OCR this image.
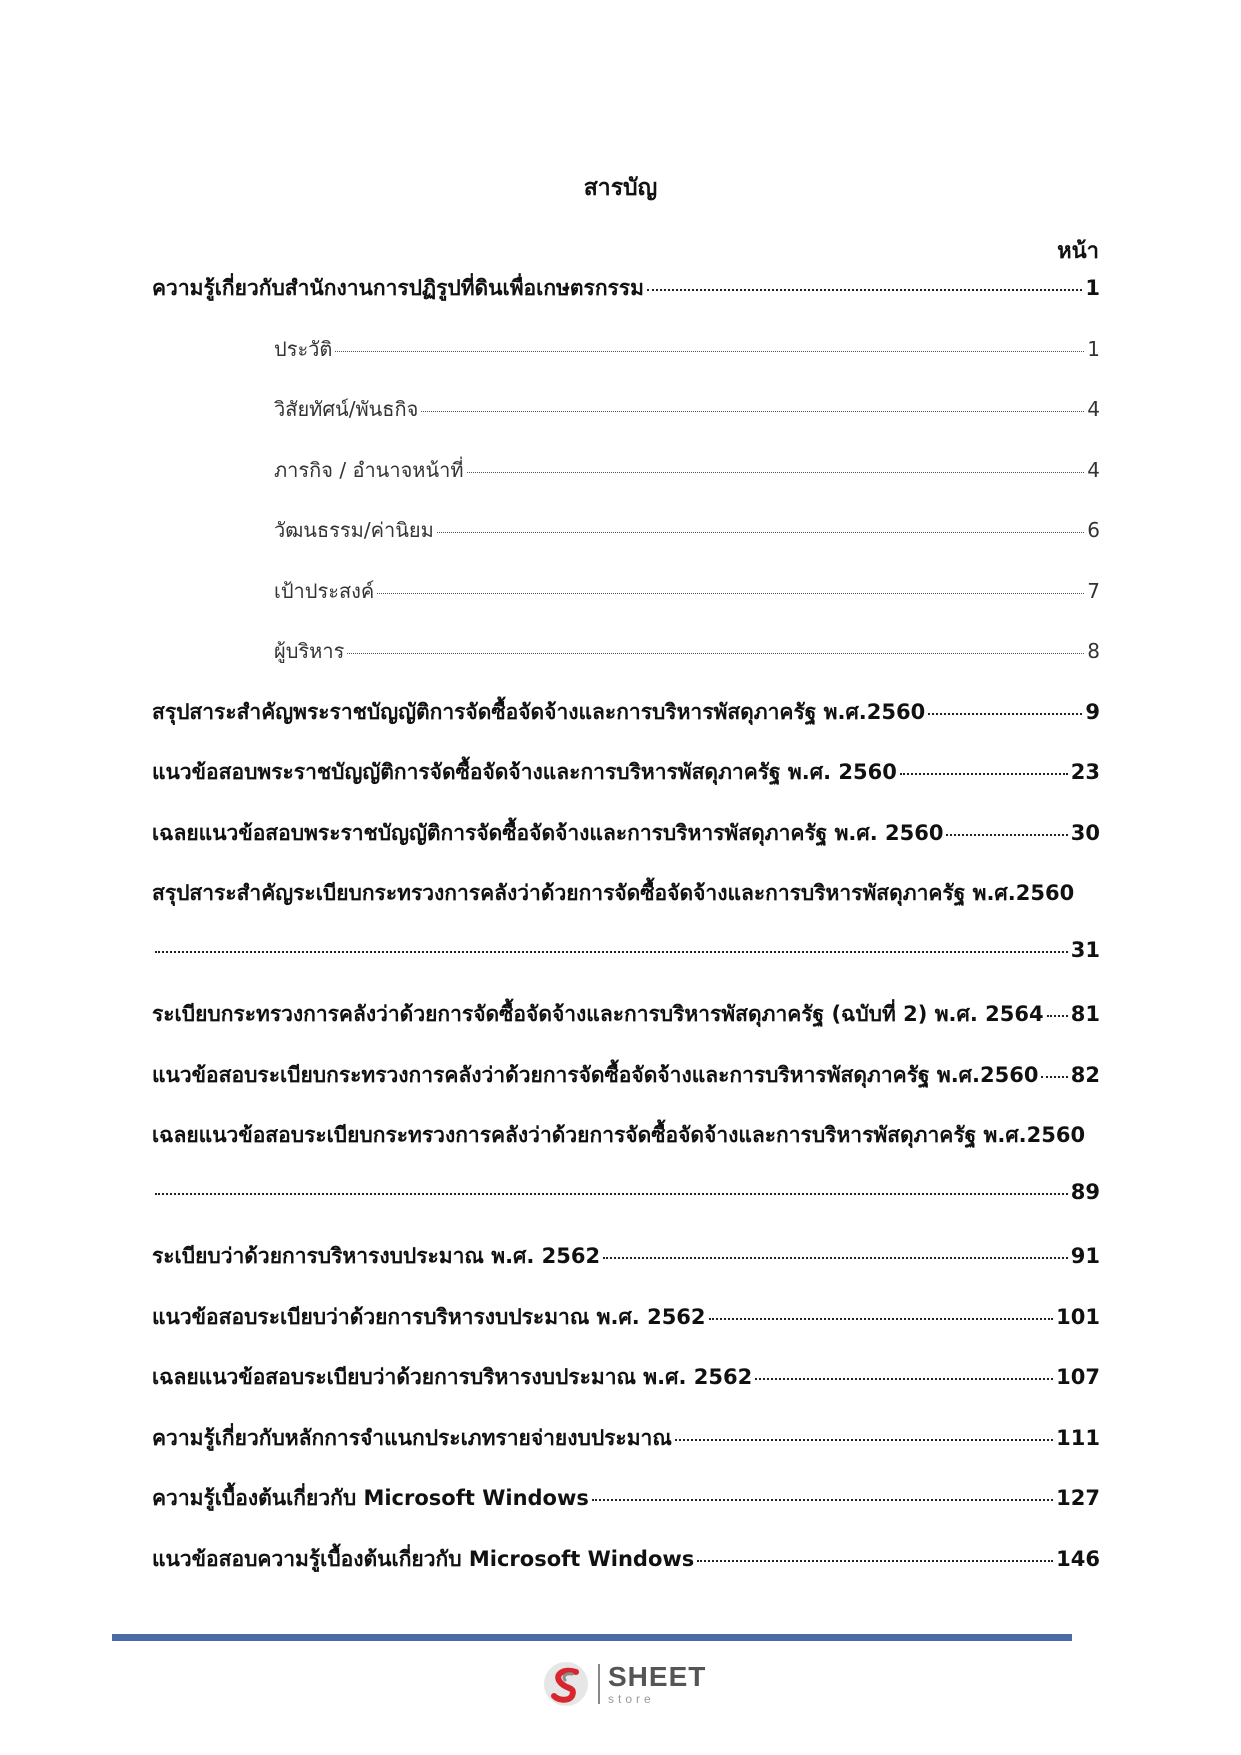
สารบัญ
หน้า
ความรู้เกี่ยวกับสำนักงานการปฏิรูปที่ดินเพื่อเกษตรกรรม	1
ประวัติ	1
วิสัยทัศน์/พันธกิจ	4
ภารกิจ / อำนาจหน้าที่	4
วัฒนธรรม/ค่านิยม	6
เป้าประสงค์	7
ผู้บริหาร	8
สรุปสาระสำคัญพระราชบัญญัติการจัดซื้อจัดจ้างและการบริหารพัสดุภาครัฐ พ.ศ.2560	9
แนวข้อสอบพระราชบัญญัติการจัดซื้อจัดจ้างและการบริหารพัสดุภาครัฐ พ.ศ. 2560	23
เฉลยแนวข้อสอบพระราชบัญญัติการจัดซื้อจัดจ้างและการบริหารพัสดุภาครัฐ พ.ศ. 2560	30
สรุปสาระสำคัญระเบียบกระทรวงการคลังว่าด้วยการจัดซื้อจัดจ้างและการบริหารพัสดุภาครัฐ พ.ศ.2560
31
ระเบียบกระทรวงการคลังว่าด้วยการจัดซื้อจัดจ้างและการบริหารพัสดุภาครัฐ (ฉบับที่ 2) พ.ศ. 2564 81
แนวข้อสอบระเบียบกระทรวงการคลังว่าด้วยการจัดซื้อจัดจ้างและการบริหารพัสดุภาครัฐ พ.ศ.2560 82
เฉลยแนวข้อสอบระเบียบกระทรวงการคลังว่าด้วยการจัดซื้อจัดจ้างและการบริหารพัสดุภาครัฐ พ.ศ.2560
89
ระเบียบว่าด้วยการบริหารงบประมาณ พ.ศ. 2562	91
แนวข้อสอบระเบียบว่าด้วยการบริหารงบประมาณ พ.ศ. 2562	101
เฉลยแนวข้อสอบระเบียบว่าด้วยการบริหารงบประมาณ พ.ศ. 2562	107
ความรู้เกี่ยวกับหลักการจำแนกประเภทรายจ่ายงบประมาณ	111
ความรู้เบื้องต้นเกี่ยวกับ Microsoft Windows	127
แนวข้อสอบความรู้เบื้องต้นเกี่ยวกับ Microsoft Windows	146
SHEET
store
